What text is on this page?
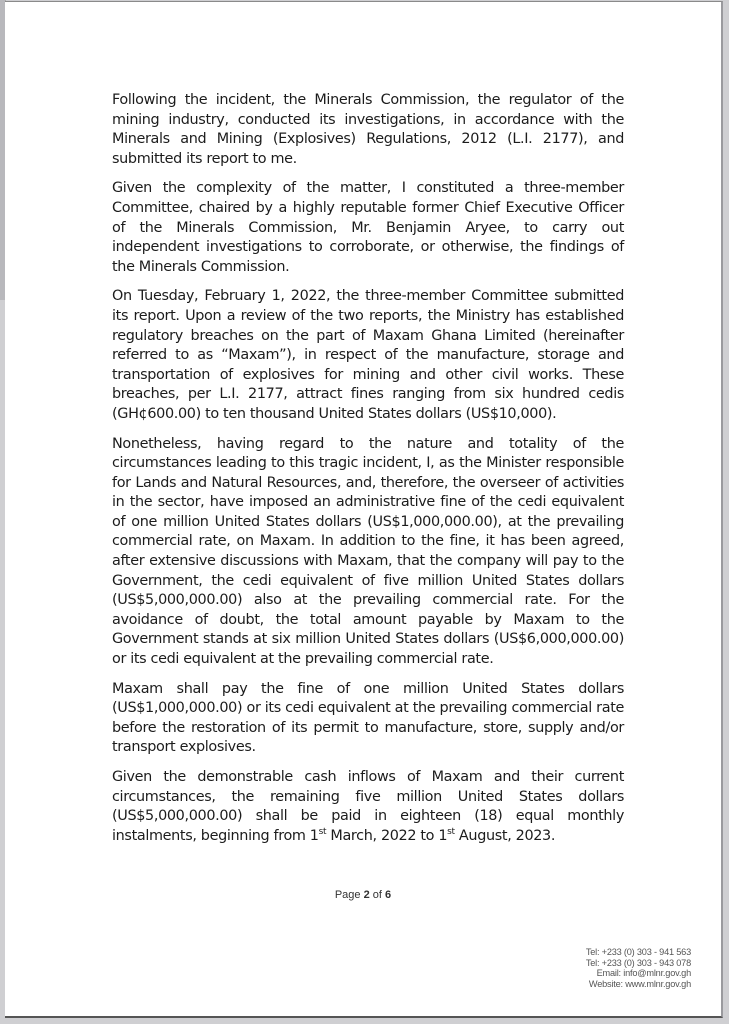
Following the incident, the Minerals Commission, the regulator of the mining industry, conducted its investigations, in accordance with the Minerals and Mining (Explosives) Regulations, 2012 (L.I. 2177), and submitted its report to me.

Given the complexity of the matter, I constituted a three-member Committee, chaired by a highly reputable former Chief Executive Officer of the Minerals Commission, Mr. Benjamin Aryee, to carry out independent investigations to corroborate, or otherwise, the findings of the Minerals Commission.

On Tuesday, February 1, 2022, the three-member Committee submitted its report. Upon a review of the two reports, the Ministry has established regulatory breaches on the part of Maxam Ghana Limited (hereinafter referred to as “Maxam”), in respect of the manufacture, storage and transportation of explosives for mining and other civil works. These breaches, per L.I. 2177, attract fines ranging from six hundred cedis (GH¢600.00) to ten thousand United States dollars (US$10,000).

Nonetheless, having regard to the nature and totality of the circumstances leading to this tragic incident, I, as the Minister responsible for Lands and Natural Resources, and, therefore, the overseer of activities in the sector, have imposed an administrative fine of the cedi equivalent of one million United States dollars (US$1,000,000.00), at the prevailing commercial rate, on Maxam. In addition to the fine, it has been agreed, after extensive discussions with Maxam, that the company will pay to the Government, the cedi equivalent of five million United States dollars (US$5,000,000.00) also at the prevailing commercial rate. For the avoidance of doubt, the total amount payable by Maxam to the Government stands at six million United States dollars (US$6,000,000.00) or its cedi equivalent at the prevailing commercial rate.

Maxam shall pay the fine of one million United States dollars (US$1,000,000.00) or its cedi equivalent at the prevailing commercial rate before the restoration of its permit to manufacture, store, supply and/or transport explosives.

Given the demonstrable cash inflows of Maxam and their current circumstances, the remaining five million United States dollars (US$5,000,000.00) shall be paid in eighteen (18) equal monthly instalments, beginning from 1st March, 2022 to 1st August, 2023.

Page 2 of 6
Tel: +233 (0) 303 - 941 563
Tel: +233 (0) 303 - 943 078
Email: info@mlnr.gov.gh
Website: www.mlnr.gov.gh
